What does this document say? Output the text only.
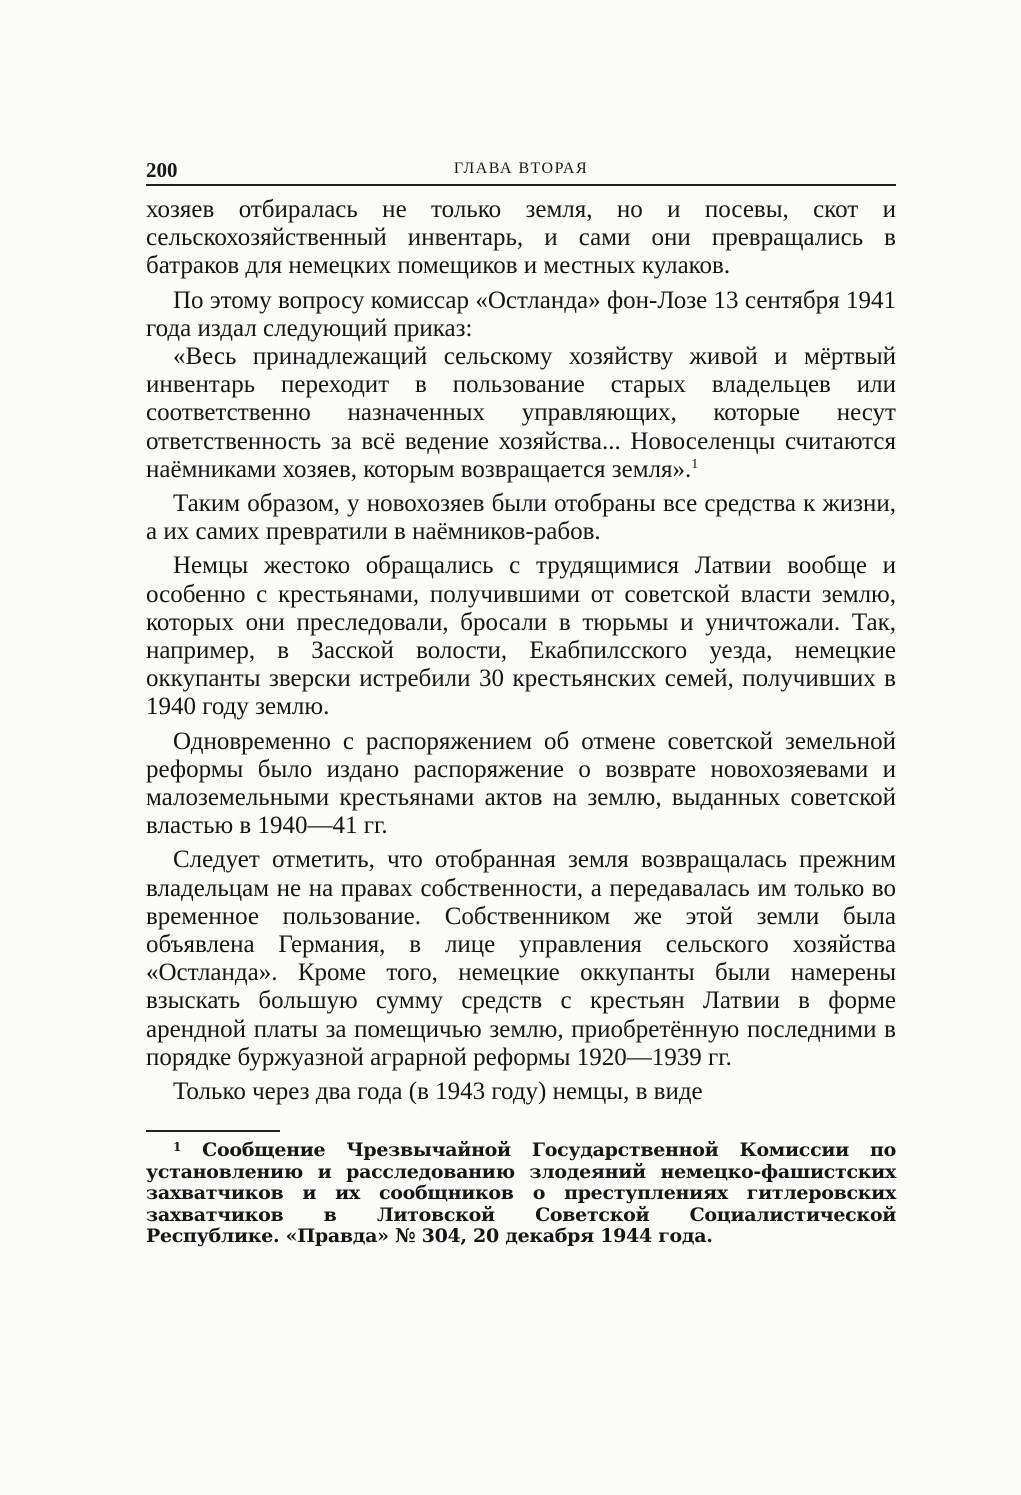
200	ГЛАВА ВТОРАЯ

хозяев отбиралась не только земля, но и посевы, скот и сельскохозяйственный инвентарь, и сами они превращались в батраков для немецких помещиков и местных кулаков.

По этому вопросу комиссар «Остланда» фон-Лозе 13 сентября 1941 года издал следующий приказ:

«Весь принадлежащий сельскому хозяйству живой и мёртвый инвентарь переходит в пользование старых владельцев или соответственно назначенных управляющих, которые несут ответственность за всё ведение хозяйства... Новоселенцы считаются наёмниками хозяев, которым возвращается земля».$^1$

Таким образом, у новохозяев были отобраны все средства к жизни, а их самих превратили в наёмников-рабов.

Немцы жестоко обращались с трудящимися Латвии вообще и особенно с крестьянами, получившими от советской власти землю, которых они преследовали, бросали в тюрьмы и уничтожали. Так, например, в Засской волости, Екабпилсского уезда, немецкие оккупанты зверски истребили 30 крестьянских семей, получивших в 1940 году землю.

Одновременно с распоряжением об отмене советской земельной реформы было издано распоряжение о возврате новохозяевами и малоземельными крестьянами актов на землю, выданных советской властью в 1940—41 гг.

Следует отметить, что отобранная земля возвращалась прежним владельцам не на правах собственности, а передавалась им только во временное пользование. Собственником же этой земли была объявлена Германия, в лице управления сельского хозяйства «Остланда». Кроме того, немецкие оккупанты были намерены взыскать большую сумму средств с крестьян Латвии в форме арендной платы за помещичью землю, приобретённую последними в порядке буржуазной аграрной реформы 1920—1939 гг.

Только через два года (в 1943 году) немцы, в виде

$^1$ Сообщение Чрезвычайной Государственной Комиссии по установлению и расследованию злодеяний немецко-фашистских захватчиков и их сообщников о преступлениях гитлеровских захватчиков в Литовской Советской Социалистической Республике. «Правда» № 304, 20 декабря 1944 года.
